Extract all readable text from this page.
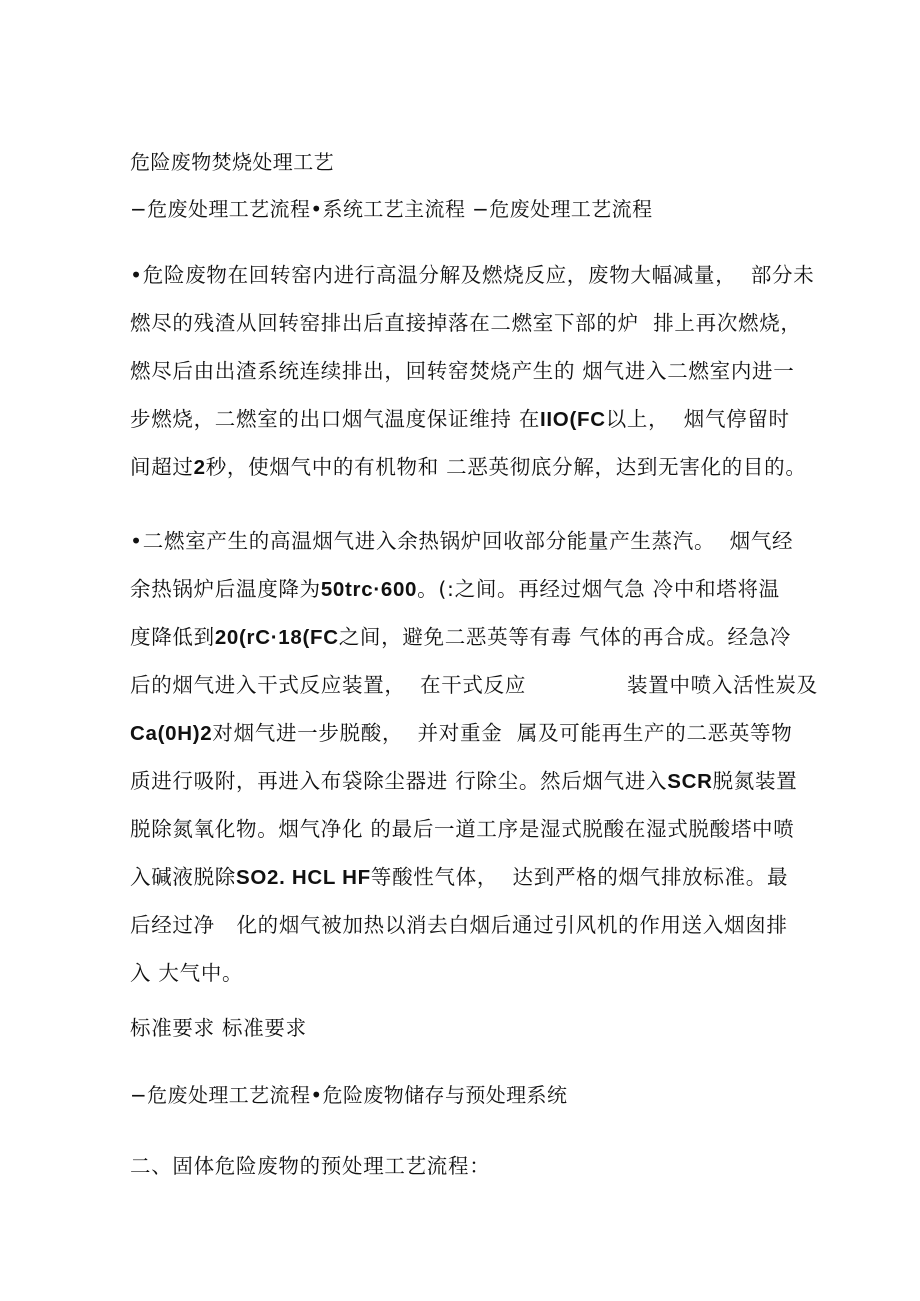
危险废物焚烧处理工艺
−危废处理工艺流程•系统工艺主流程 −危废处理工艺流程
•危险废物在回转窑内进行高温分解及燃烧反应，废物大幅减量，  部分未
燃尽的残渣从回转窑排出后直接掉落在二燃室下部的炉  排上再次燃烧，
燃尽后由出渣系统连续排出，回转窑焚烧产生的 烟气进入二燃室内进一
步燃烧，二燃室的出口烟气温度保证维持 在IIO(FC以上，  烟气停留时
间超过2秒，使烟气中的有机物和 二恶英彻底分解，达到无害化的目的。
•二燃室产生的高温烟气进入余热锅炉回收部分能量产生蒸汽。  烟气经
余热锅炉后温度降为50trc·600。(:之间。再经过烟气急 冷中和塔将温
度降低到20(rC·18(FC之间，避免二恶英等有毒 气体的再合成。经急冷
后的烟气进入干式反应装置，  在干式反应              装置中喷入活性炭及
Ca(0H)2对烟气进一步脱酸，  并对重金  属及可能再生产的二恶英等物
质进行吸附，再进入布袋除尘器进 行除尘。然后烟气进入SCR脱氮装置
脱除氮氧化物。烟气净化 的最后一道工序是湿式脱酸在湿式脱酸塔中喷
入碱液脱除SO2. HCL HF等酸性气体，  达到严格的烟气排放标准。最
后经过净   化的烟气被加热以消去白烟后通过引风机的作用送入烟囱排
入 大气中。
标准要求 标准要求
−危废处理工艺流程•危险废物储存与预处理系统
二、固体危险废物的预处理工艺流程：
